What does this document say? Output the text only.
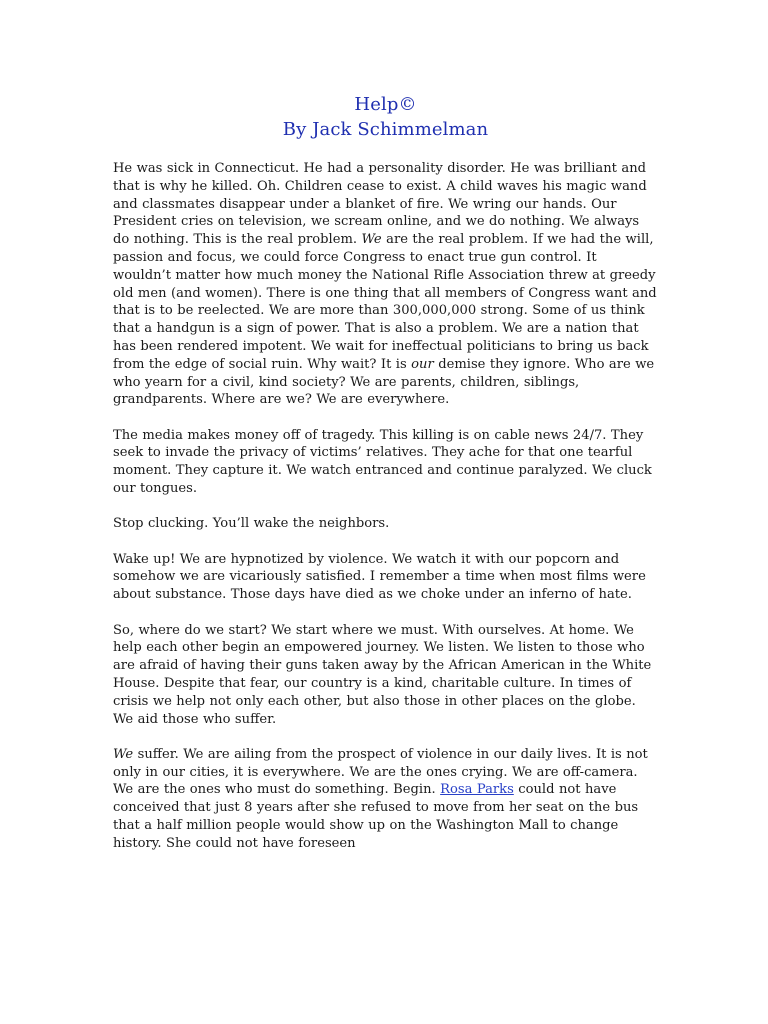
Help©
By Jack Schimmelman

He was sick in Connecticut. He had a personality disorder. He was brilliant and that is why he killed. Oh. Children cease to exist. A child waves his magic wand and classmates disappear under a blanket of fire. We wring our hands. Our President cries on television, we scream online, and we do nothing. We always do nothing. This is the real problem. We are the real problem. If we had the will, passion and focus, we could force Congress to enact true gun control. It wouldn’t matter how much money the National Rifle Association threw at greedy old men (and women). There is one thing that all members of Congress want and that is to be reelected. We are more than 300,000,000 strong. Some of us think that a handgun is a sign of power. That is also a problem. We are a nation that has been rendered impotent. We wait for ineffectual politicians to bring us back from the edge of social ruin. Why wait? It is our demise they ignore. Who are we who yearn for a civil, kind society? We are parents, children, siblings, grandparents. Where are we? We are everywhere.

The media makes money off of tragedy. This killing is on cable news 24/7. They seek to invade the privacy of victims’ relatives. They ache for that one tearful moment. They capture it. We watch entranced and continue paralyzed. We cluck our tongues.

Stop clucking. You’ll wake the neighbors.

Wake up! We are hypnotized by violence. We watch it with our popcorn and somehow we are vicariously satisfied. I remember a time when most films were about substance. Those days have died as we choke under an inferno of hate.

So, where do we start? We start where we must. With ourselves. At home. We help each other begin an empowered journey. We listen. We listen to those who are afraid of having their guns taken away by the African American in the White House. Despite that fear, our country is a kind, charitable culture. In times of crisis we help not only each other, but also those in other places on the globe. We aid those who suffer.

We suffer. We are ailing from the prospect of violence in our daily lives. It is not only in our cities, it is everywhere. We are the ones crying. We are off-camera. We are the ones who must do something. Begin. Rosa Parks could not have conceived that just 8 years after she refused to move from her seat on the bus that a half million people would show up on the Washington Mall to change history. She could not have foreseen
